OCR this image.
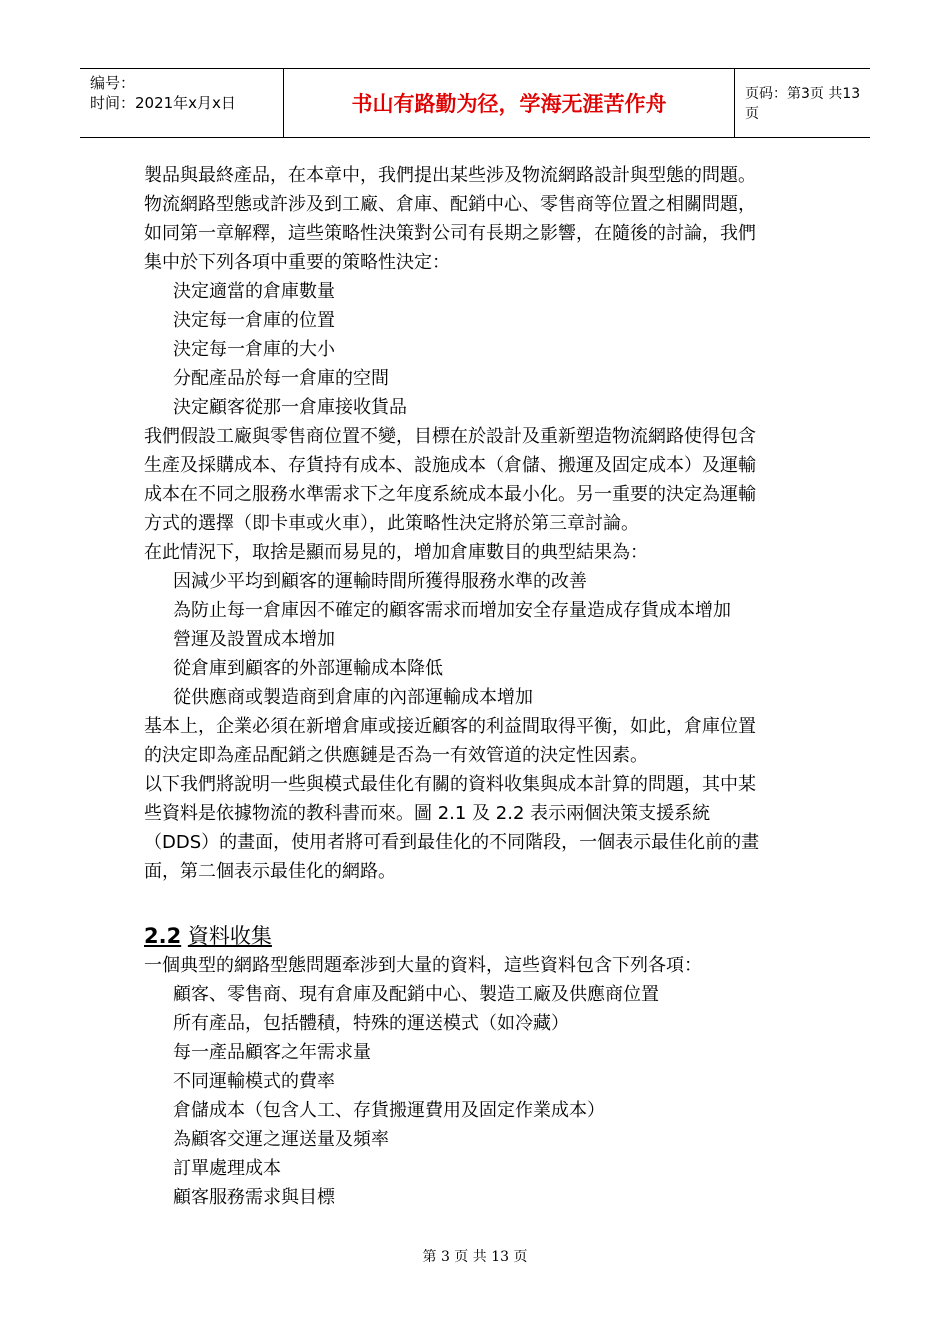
编号：
时间：2021年x月x日	书山有路勤为径，学海无涯苦作舟	页码：第3页 共13页
製品與最終產品，在本章中，我們提出某些涉及物流網路設計與型態的問題。
物流網路型態或許涉及到工廠、倉庫、配銷中心、零售商等位置之相關問題，
如同第一章解釋，這些策略性決策對公司有長期之影響，在隨後的討論，我們
集中於下列各項中重要的策略性決定：
決定適當的倉庫數量
決定每一倉庫的位置
決定每一倉庫的大小
分配產品於每一倉庫的空間
決定顧客從那一倉庫接收貨品
我們假設工廠與零售商位置不變，目標在於設計及重新塑造物流網路使得包含
生產及採購成本、存貨持有成本、設施成本（倉儲、搬運及固定成本）及運輸
成本在不同之服務水準需求下之年度系統成本最小化。另一重要的決定為運輸
方式的選擇（即卡車或火車），此策略性決定將於第三章討論。
在此情況下，取捨是顯而易見的，增加倉庫數目的典型結果為：
因減少平均到顧客的運輸時間所獲得服務水準的改善
為防止每一倉庫因不確定的顧客需求而增加安全存量造成存貨成本增加
營運及設置成本增加
從倉庫到顧客的外部運輸成本降低
從供應商或製造商到倉庫的內部運輸成本增加
基本上，企業必須在新增倉庫或接近顧客的利益間取得平衡，如此，倉庫位置
的決定即為產品配銷之供應鏈是否為一有效管道的決定性因素。
以下我們將說明一些與模式最佳化有關的資料收集與成本計算的問題，其中某
些資料是依據物流的教科書而來。圖 2.1 及 2.2 表示兩個決策支援系統
（DDS）的畫面，使用者將可看到最佳化的不同階段，一個表示最佳化前的畫
面，第二個表示最佳化的網路。
2.2 資料收集
一個典型的網路型態問題牽涉到大量的資料，這些資料包含下列各項：
顧客、零售商、現有倉庫及配銷中心、製造工廠及供應商位置
所有產品，包括體積，特殊的運送模式（如冷藏）
每一產品顧客之年需求量
不同運輸模式的費率
倉儲成本（包含人工、存貨搬運費用及固定作業成本）
為顧客交運之運送量及頻率
訂單處理成本
顧客服務需求與目標
第 3 页 共 13 页
